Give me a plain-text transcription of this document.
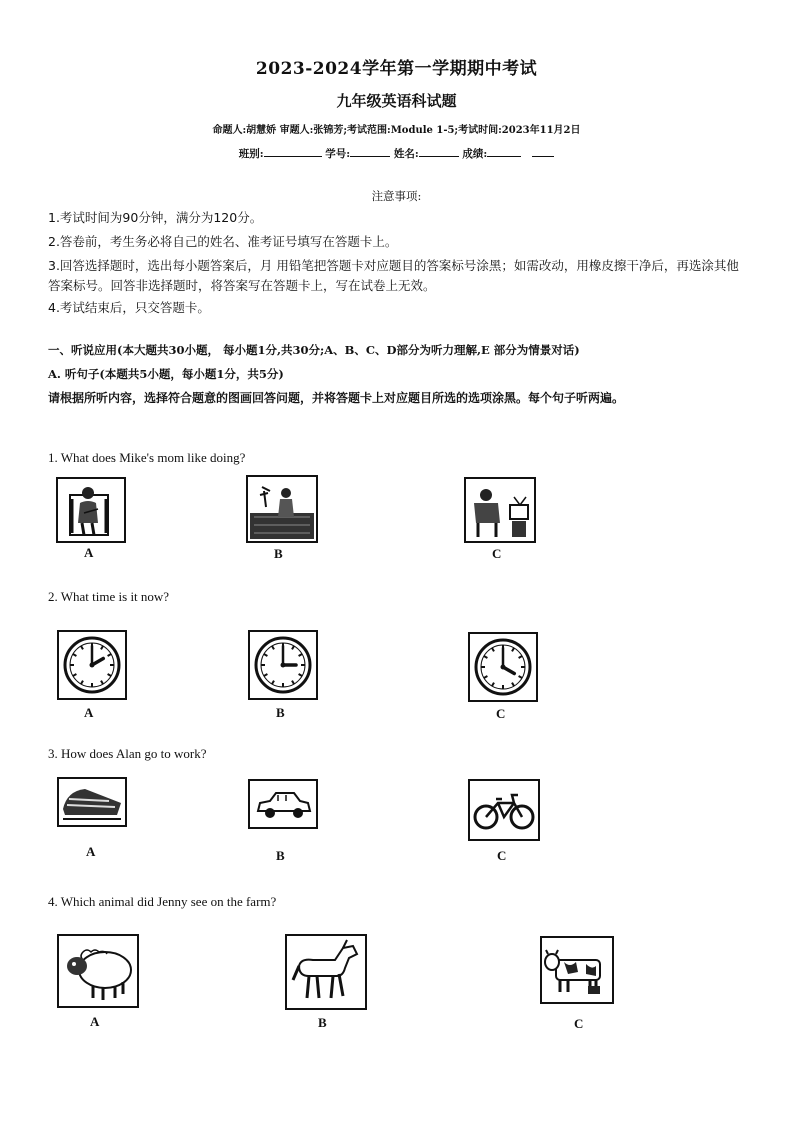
2023-2024学年第一学期期中考试
九年级英语科试题
命题人:胡慧娇 审题人:张锦芳;考试范围:Module 1-5;考试时间:2023年11月2日
班别:	学号:	姓名:	成绩:
注意事项:
1.考试时间为90分钟，满分为120分。
2.答卷前，考生务必将自己的姓名、准考证号填写在答题卡上。
3.回答选择题时，选出每小题答案后，月 用铅笔把答题卡对应题目的答案标号涂黑；如需改动，用橡皮擦干净后，再选涂其他答案标号。回答非选择题时，将答案写在答题卡上，写在试卷上无效。
4.考试结束后，只交答题卡。
一、听说应用(本大题共30小题， 每小题1分,共30分;A、B、C、D部分为听力理解,E 部分为情景对话)
A. 听句子(本题共5小题，每小题1分，共5分)
请根据所听内容，选择符合题意的图画回答问题，并将答题卡上对应题目所选的选项涂黑。每个句子听两遍。
1. What does Mike's mom like doing?
A	B	C
2. What time is it now?
A	B	C
3. How does Alan go to work?
A	B	C
4. Which animal did Jenny see on the farm?
A	B	C
